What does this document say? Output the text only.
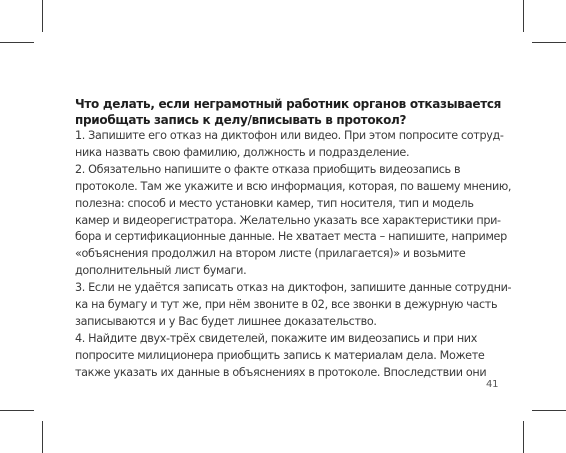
Что делать, если неграмотный работник органов отказывается
приобщать запись к делу/вписывать в протокол?

1. Запишите его отказ на диктофон или видео. При этом попросите сотруд-
ника назвать свою фамилию, должность и подразделение.

2. Обязательно напишите о факте отказа приобщить видеозапись в
протоколе. Там же укажите и всю информация, которая, по вашему мнению,
полезна: способ и место установки камер, тип носителя, тип и модель
камер и видеорегистратора. Желательно указать все характеристики при-
бора и сертификационные данные. Не хватает места – напишите, например
«объяснения продолжил на втором листе (прилагается)» и возьмите
дополнительный лист бумаги.

3. Если не удаётся записать отказ на диктофон, запишите данные сотрудни-
ка на бумагу и тут же, при нём звоните в 02, все звонки в дежурную часть
записываются и у Вас будет лишнее доказательство.

4. Найдите двух-трёх свидетелей, покажите им видеозапись и при них
попросите милиционера приобщить запись к материалам дела. Можете
также указать их данные в объяснениях в протоколе. Впоследствии они

41
